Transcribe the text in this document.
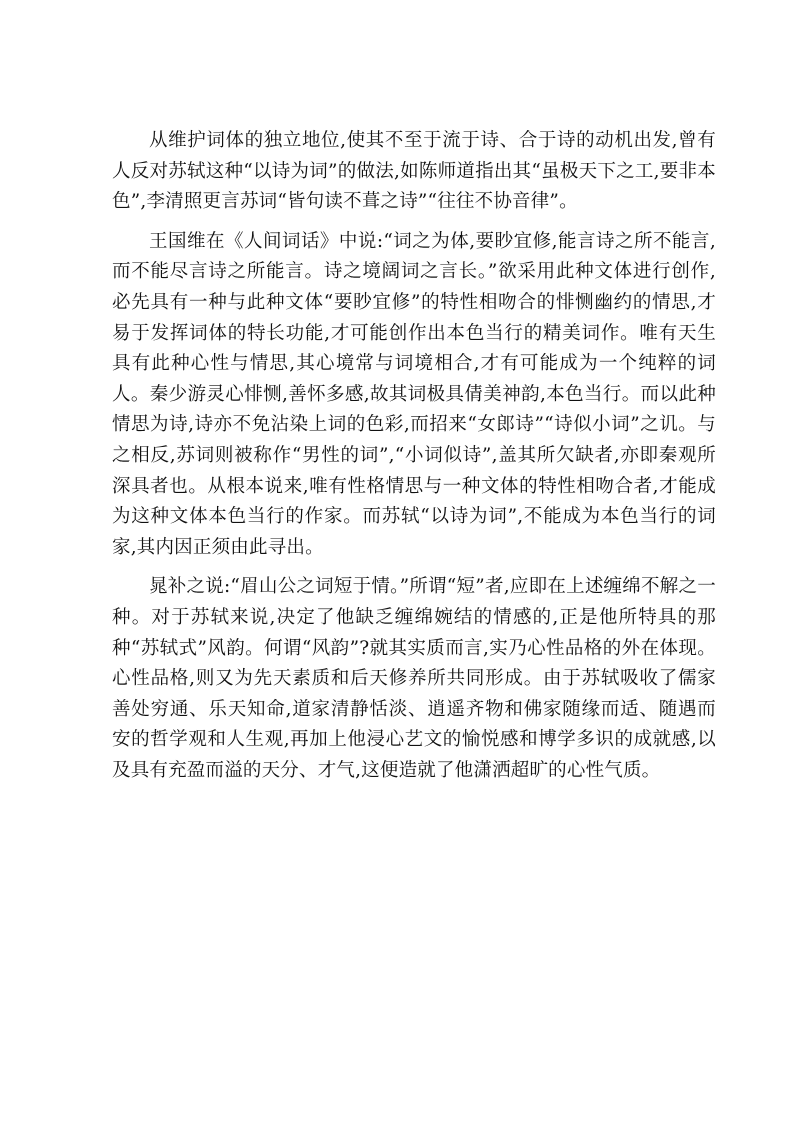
从维护词体的独立地位,使其不至于流于诗、合于诗的动机出发,曾有人反对苏轼这种“以诗为词”的做法,如陈师道指出其“虽极天下之工,要非本色”,李清照更言苏词“皆句读不葺之诗”“往往不协音律”。

王国维在《人间词话》中说:“词之为体,要眇宜修,能言诗之所不能言,而不能尽言诗之所能言。诗之境阔词之言长。”欲采用此种文体进行创作,必先具有一种与此种文体“要眇宜修”的特性相吻合的悱恻幽约的情思,才易于发挥词体的特长功能,才可能创作出本色当行的精美词作。唯有天生具有此种心性与情思,其心境常与词境相合,才有可能成为一个纯粹的词人。秦少游灵心悱恻,善怀多感,故其词极具倩美神韵,本色当行。而以此种情思为诗,诗亦不免沾染上词的色彩,而招来“女郎诗”“诗似小词”之讥。与之相反,苏词则被称作“男性的词”,“小词似诗”,盖其所欠缺者,亦即秦观所深具者也。从根本说来,唯有性格情思与一种文体的特性相吻合者,才能成为这种文体本色当行的作家。而苏轼“以诗为词”,不能成为本色当行的词家,其内因正须由此寻出。

晁补之说:“眉山公之词短于情。”所谓“短”者,应即在上述缠绵不解之一种。对于苏轼来说,决定了他缺乏缠绵婉结的情感的,正是他所特具的那种“苏轼式”风韵。何谓“风韵”?就其实质而言,实乃心性品格的外在体现。心性品格,则又为先天素质和后天修养所共同形成。由于苏轼吸收了儒家善处穷通、乐天知命,道家清静恬淡、逍遥齐物和佛家随缘而适、随遇而安的哲学观和人生观,再加上他浸心艺文的愉悦感和博学多识的成就感,以及具有充盈而溢的天分、才气,这便造就了他潇洒超旷的心性气质。
